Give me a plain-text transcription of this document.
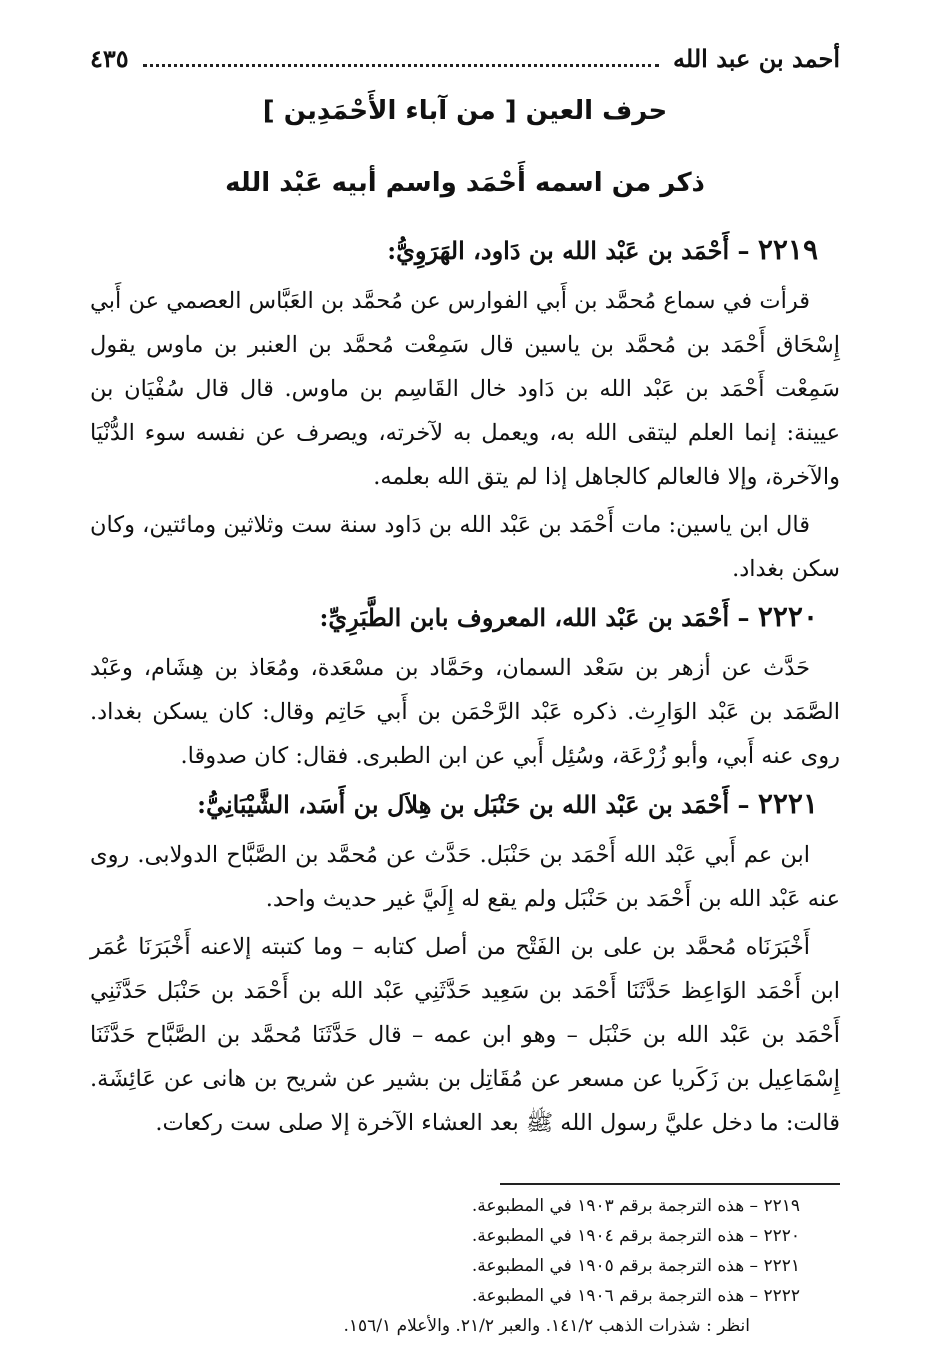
أحمد بن عبد الله
٤٣٥
حرف العين [ من آباء الأَحْمَدِين ]
ذكر من اسمه أَحْمَد واسم أبيه عَبْد الله
٢٢١٩ – أَحْمَد بن عَبْد الله بن دَاود، الهَرَوِيُّ:

قرأت في سماع مُحمَّد بن أَبي الفوارس عن مُحمَّد بن العَبَّاس العصمي عن أَبي إِسْحَاق أَحْمَد بن مُحمَّد بن ياسين قال سَمِعْت مُحمَّد بن العنبر بن ماوس يقول سَمِعْت أَحْمَد بن عَبْد الله بن دَاود خال القَاسِم بن ماوس. قال قال سُفْيَان بن عيينة: إنما العلم ليتقى الله به، ويعمل به لآخرته، ويصرف عن نفسه سوء الدُّنْيَا والآخرة، وإلا فالعالم كالجاهل إذا لم يتق الله بعلمه.

قال ابن ياسين: مات أَحْمَد بن عَبْد الله بن دَاود سنة ست وثلاثين ومائتين، وكان سكن بغداد.

٢٢٢٠ – أَحْمَد بن عَبْد الله، المعروف بابن الطَّبَرِيِّ:

حَدَّث عن أزهر بن سَعْد السمان، وحَمَّاد بن مسْعَدة، ومُعَاذ بن هِشَام، وعَبْد الصَّمَد بن عَبْد الوَارِث. ذكره عَبْد الرَّحْمَن بن أَبي حَاتِم وقال: كان يسكن بغداد. روى عنه أَبي، وأبو زُرْعَة، وسُئِل أَبي عن ابن الطبرى. فقال: كان صدوقا.

٢٢٢١ – أَحْمَد بن عَبْد الله بن حَنْبَل بن هِلاَل بن أَسَد، الشَّيْبَانِيُّ:

ابن عم أَبي عَبْد الله أَحْمَد بن حَنْبَل. حَدَّث عن مُحمَّد بن الصَّبَّاح الدولابى. روى عنه عَبْد الله بن أَحْمَد بن حَنْبَل ولم يقع له إِلَيَّ غير حديث واحد.

أَخْبَرَنَاه مُحمَّد بن على بن الفَتْح من أصل كتابه – وما كتبته إلاعنه أَخْبَرَنَا عُمَر ابن أَحْمَد الوَاعِظ حَدَّثَنَا أَحْمَد بن سَعِيد حَدَّثَنِي عَبْد الله بن أَحْمَد بن حَنْبَل حَدَّثَنِي أَحْمَد بن عَبْد الله بن حَنْبَل – وهو ابن عمه – قال حَدَّثَنَا مُحمَّد بن الصَّبَّاح حَدَّثَنَا إِسْمَاعِيل بن زَكَريا عن مسعر عن مُقَاتِل بن بشير عن شريح بن هانى عن عَائِشَة. قالت: ما دخل عليَّ رسول الله ﷺ بعد العشاء الآخرة إلا صلى ست ركعات.

٢٢١٩ – هذه الترجمة برقم ١٩٠٣ في المطبوعة.
٢٢٢٠ – هذه الترجمة برقم ١٩٠٤ في المطبوعة.
٢٢٢١ – هذه الترجمة برقم ١٩٠٥ في المطبوعة.
٢٢٢٢ – هذه الترجمة برقم ١٩٠٦ في المطبوعة.
انظر : شذرات الذهب ١٤١/٢. والعبر ٢١/٢. والأعلام ١٥٦/١.
